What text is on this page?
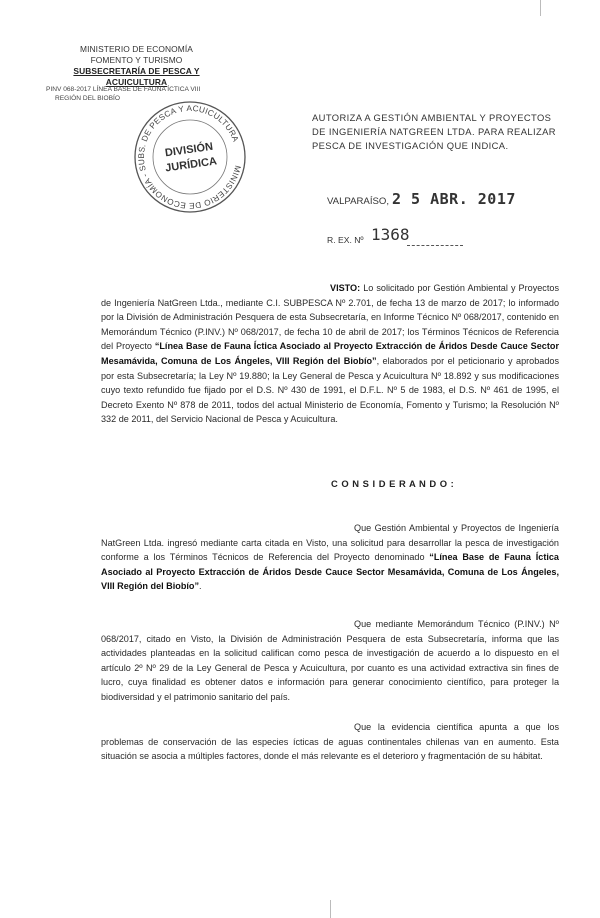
MINISTERIO DE ECONOMÍA
FOMENTO Y TURISMO
SUBSECRETARÍA DE PESCA Y ACUICULTURA
PINV 068-2017 LÍNEA BASE DE FAUNA ÍCTICA VIII
REGIÓN DEL BIOBÍO
MINISTERIO DE ECONOMÍA - SUBS. DE PESCA Y ACUICULTURA
DIVISIÓN
JURÍDICA
AUTORIZA A GESTIÓN AMBIENTAL Y PROYECTOS
DE INGENIERÍA NATGREEN LTDA. PARA REALIZAR
PESCA DE INVESTIGACIÓN QUE INDICA.
VALPARAÍSO, 2 5 ABR. 2017
R. EX. Nº 1368
VISTO: Lo solicitado por Gestión Ambiental y Proyectos de Ingeniería NatGreen Ltda., mediante C.I. SUBPESCA Nº 2.701, de fecha 13 de marzo de 2017; lo informado por la División de Administración Pesquera de esta Subsecretaría, en Informe Técnico Nº 068/2017, contenido en Memorándum Técnico (P.INV.) Nº 068/2017, de fecha 10 de abril de 2017; los Términos Técnicos de Referencia del Proyecto “Línea Base de Fauna Íctica Asociado al Proyecto Extracción de Áridos Desde Cauce Sector Mesamávida, Comuna de Los Ángeles, VIII Región del Biobío”, elaborados por el peticionario y aprobados por esta Subsecretaría; la Ley Nº 19.880; la Ley General de Pesca y Acuicultura Nº 18.892 y sus modificaciones cuyo texto refundido fue fijado por el D.S. Nº 430 de 1991, el D.F.L. Nº 5 de 1983, el D.S. Nº 461 de 1995, el Decreto Exento Nº 878 de 2011, todos del actual Ministerio de Economía, Fomento y Turismo; la Resolución Nº 332 de 2011, del Servicio Nacional de Pesca y Acuicultura.
C O N S I D E R A N D O :
Que Gestión Ambiental y Proyectos de Ingeniería NatGreen Ltda. ingresó mediante carta citada en Visto, una solicitud para desarrollar la pesca de investigación conforme a los Términos Técnicos de Referencia del Proyecto denominado “Línea Base de Fauna Íctica Asociado al Proyecto Extracción de Áridos Desde Cauce Sector Mesamávida, Comuna de Los Ángeles, VIII Región del Biobío”.
Que mediante Memorándum Técnico (P.INV.) Nº 068/2017, citado en Visto, la División de Administración Pesquera de esta Subsecretaría, informa que las actividades planteadas en la solicitud califican como pesca de investigación de acuerdo a lo dispuesto en el artículo 2º Nº 29 de la Ley General de Pesca y Acuicultura, por cuanto es una actividad extractiva sin fines de lucro, cuya finalidad es obtener datos e información para generar conocimiento científico, para proteger la biodiversidad y el patrimonio sanitario del país.
Que la evidencia científica apunta a que los problemas de conservación de las especies ícticas de aguas continentales chilenas van en aumento. Esta situación se asocia a múltiples factores, donde el más relevante es el deterioro y fragmentación de su hábitat.
